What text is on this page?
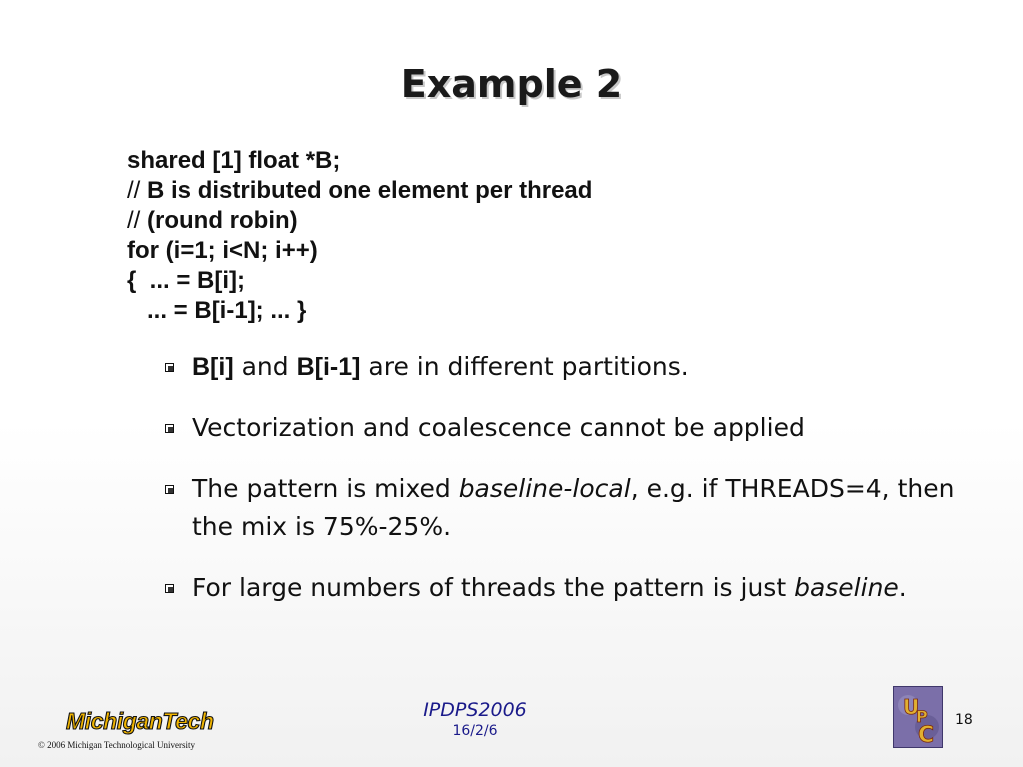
Example 2
shared [1] float *B;
// B is distributed one element per thread
// (round robin)
for (i=1; i<N; i++)
{  ... = B[i];
... = B[i-1]; ... }
B[i] and B[i-1] are in different partitions.
Vectorization and coalescence cannot be applied
The pattern is mixed baseline-local, e.g. if THREADS=4, then the mix is 75%-25%.
For large numbers of threads the pattern is just baseline.
MichiganTech
© 2006 Michigan Technological University
IPDPS2006
16/2/6
U
P
C
18
